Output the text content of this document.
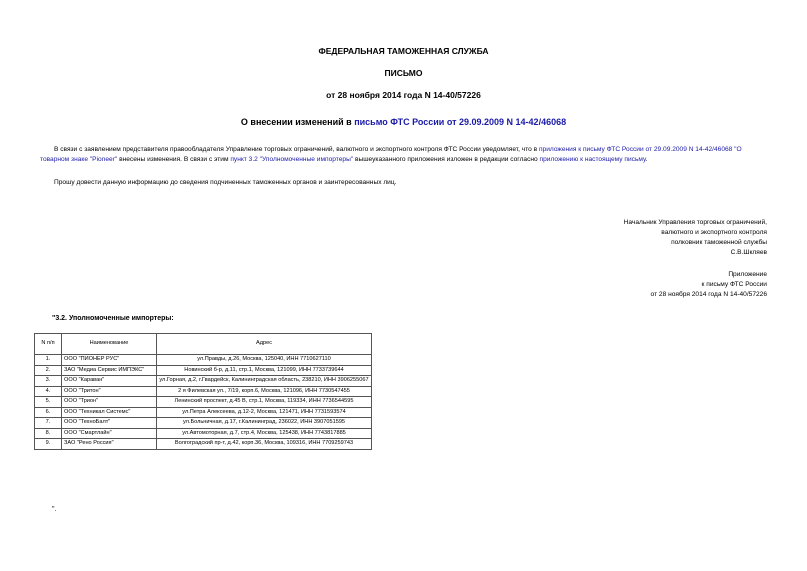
ФЕДЕРАЛЬНАЯ ТАМОЖЕННАЯ СЛУЖБА
ПИСЬМО
от 28 ноября 2014 года N 14-40/57226
О внесении изменений в письмо ФТС России от 29.09.2009 N 14-42/46068
В связи с заявлением представителя правообладателя Управление торговых ограничений, валютного и экспортного контроля ФТС России уведомляет, что в приложения к письму ФТС России от 29.09.2009 N 14-42/46068 "О товарном знаке "Pioneer" внесены изменения. В связи с этим пункт 3.2 "Уполномоченные импортеры" вышеуказанного приложения изложен в редакции согласно приложению к настоящему письму.
Прошу довести данную информацию до сведения подчиненных таможенных органов и заинтересованных лиц.
Начальник Управления торговых ограничений,
валютного и экспортного контроля
полковник таможенной службы
С.В.Шкляев
Приложение
к письму ФТС России
от 28 ноября 2014 года N 14-40/57226
"3.2. Уполномоченные импортеры:
N п/п	Наименование	Адрес
1.	ООО "ПИОНЕР РУС"	ул.Правды, д.26, Москва, 125040, ИНН 7710627110
2.	ЗАО "Медиа Сервис ИМПЭКС"	Новинский б-р, д.11, стр.1, Москва, 121099, ИНН 7733739644
3.	ООО "Караван"	ул.Горная, д.2, г.Гвардейск, Калининградская область, 238210, ИНН 3906255067
4.	ООО "Тритон"	2 я Филевская ул., 7/19, корп.6, Москва, 121096, ИНН 7730547455
5.	ООО "Трион"	Ленинский проспект, д.45 В, стр.1, Москва, 119334, ИНН 7736544595
6.	ООО "Техникал Системс"	ул.Петра Алексеева, д.12-2, Москва, 121471, ИНН 7731593574
7.	ООО "ТехноБалт"	ул.Больничная, д.17, г.Калининград, 236022, ИНН 3907051595
8.	ООО "Смартлайн"	ул.Автомоторная, д.7, стр.4, Москва, 125438, ИНН 7743817885
9.	ЗАО "Рено Россия"	Волгоградский пр-т, д.42, корп.36, Москва, 109316, ИНН 7709259743
".
